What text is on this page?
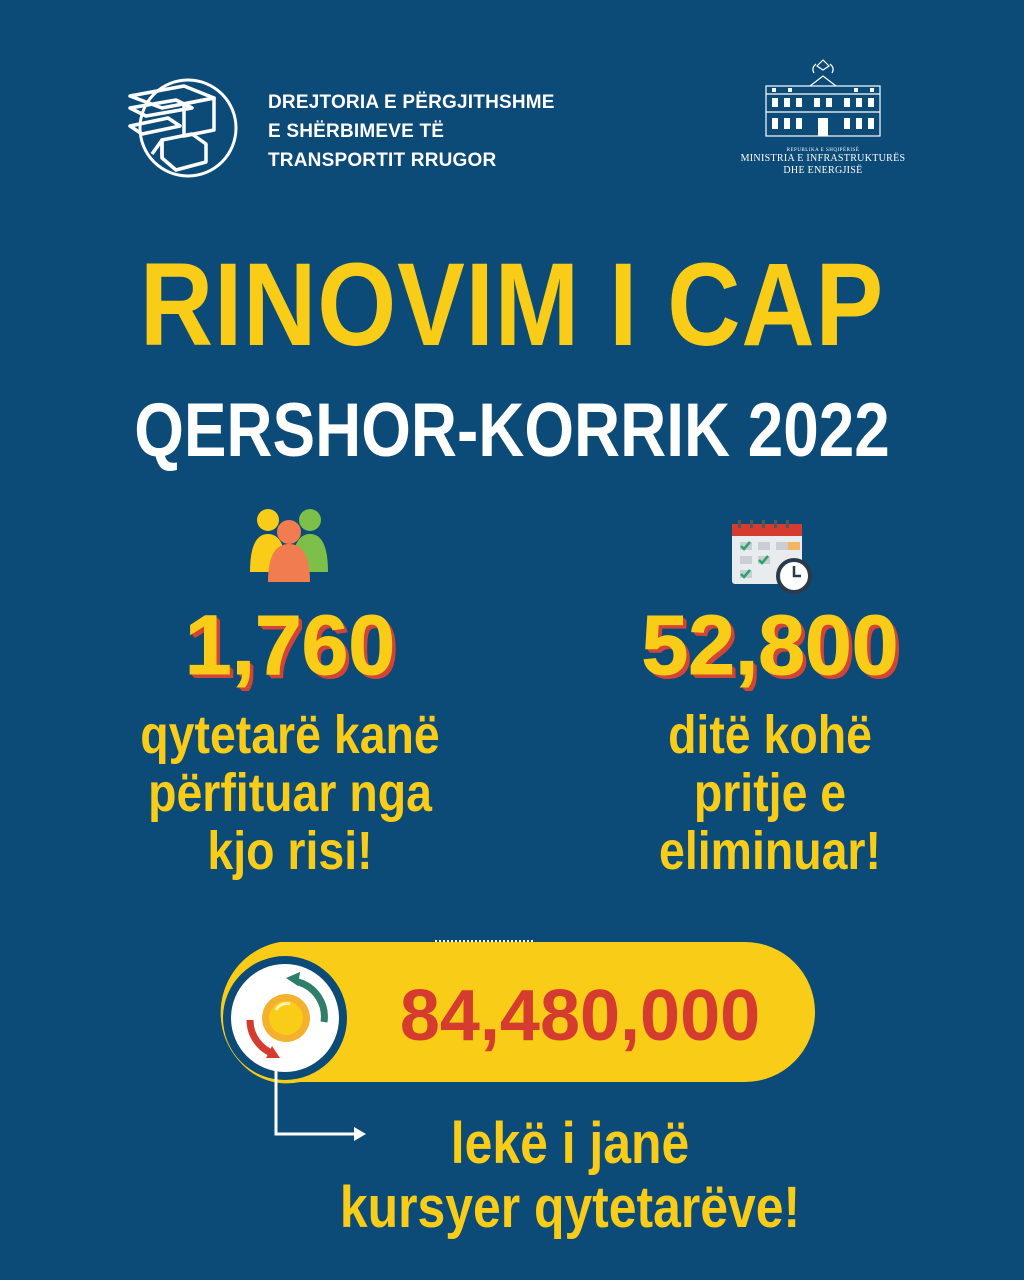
DREJTORIA E PËRGJITHSHME
E SHËRBIMEVE TË
TRANSPORTIT RRUGOR	REPUBLIKA E SHQIPËRISË
MINISTRIA E INFRASTRUKTURËS
DHE ENERGJISË
RINOVIM I CAP
QERSHOR-KORRIK 2022
1,760
qytetarë kanë
përfituar nga
kjo risi!
52,800
ditë kohë
pritje e
eliminuar!
84,480,000
lekë i janë
kursyer qytetarëve!
